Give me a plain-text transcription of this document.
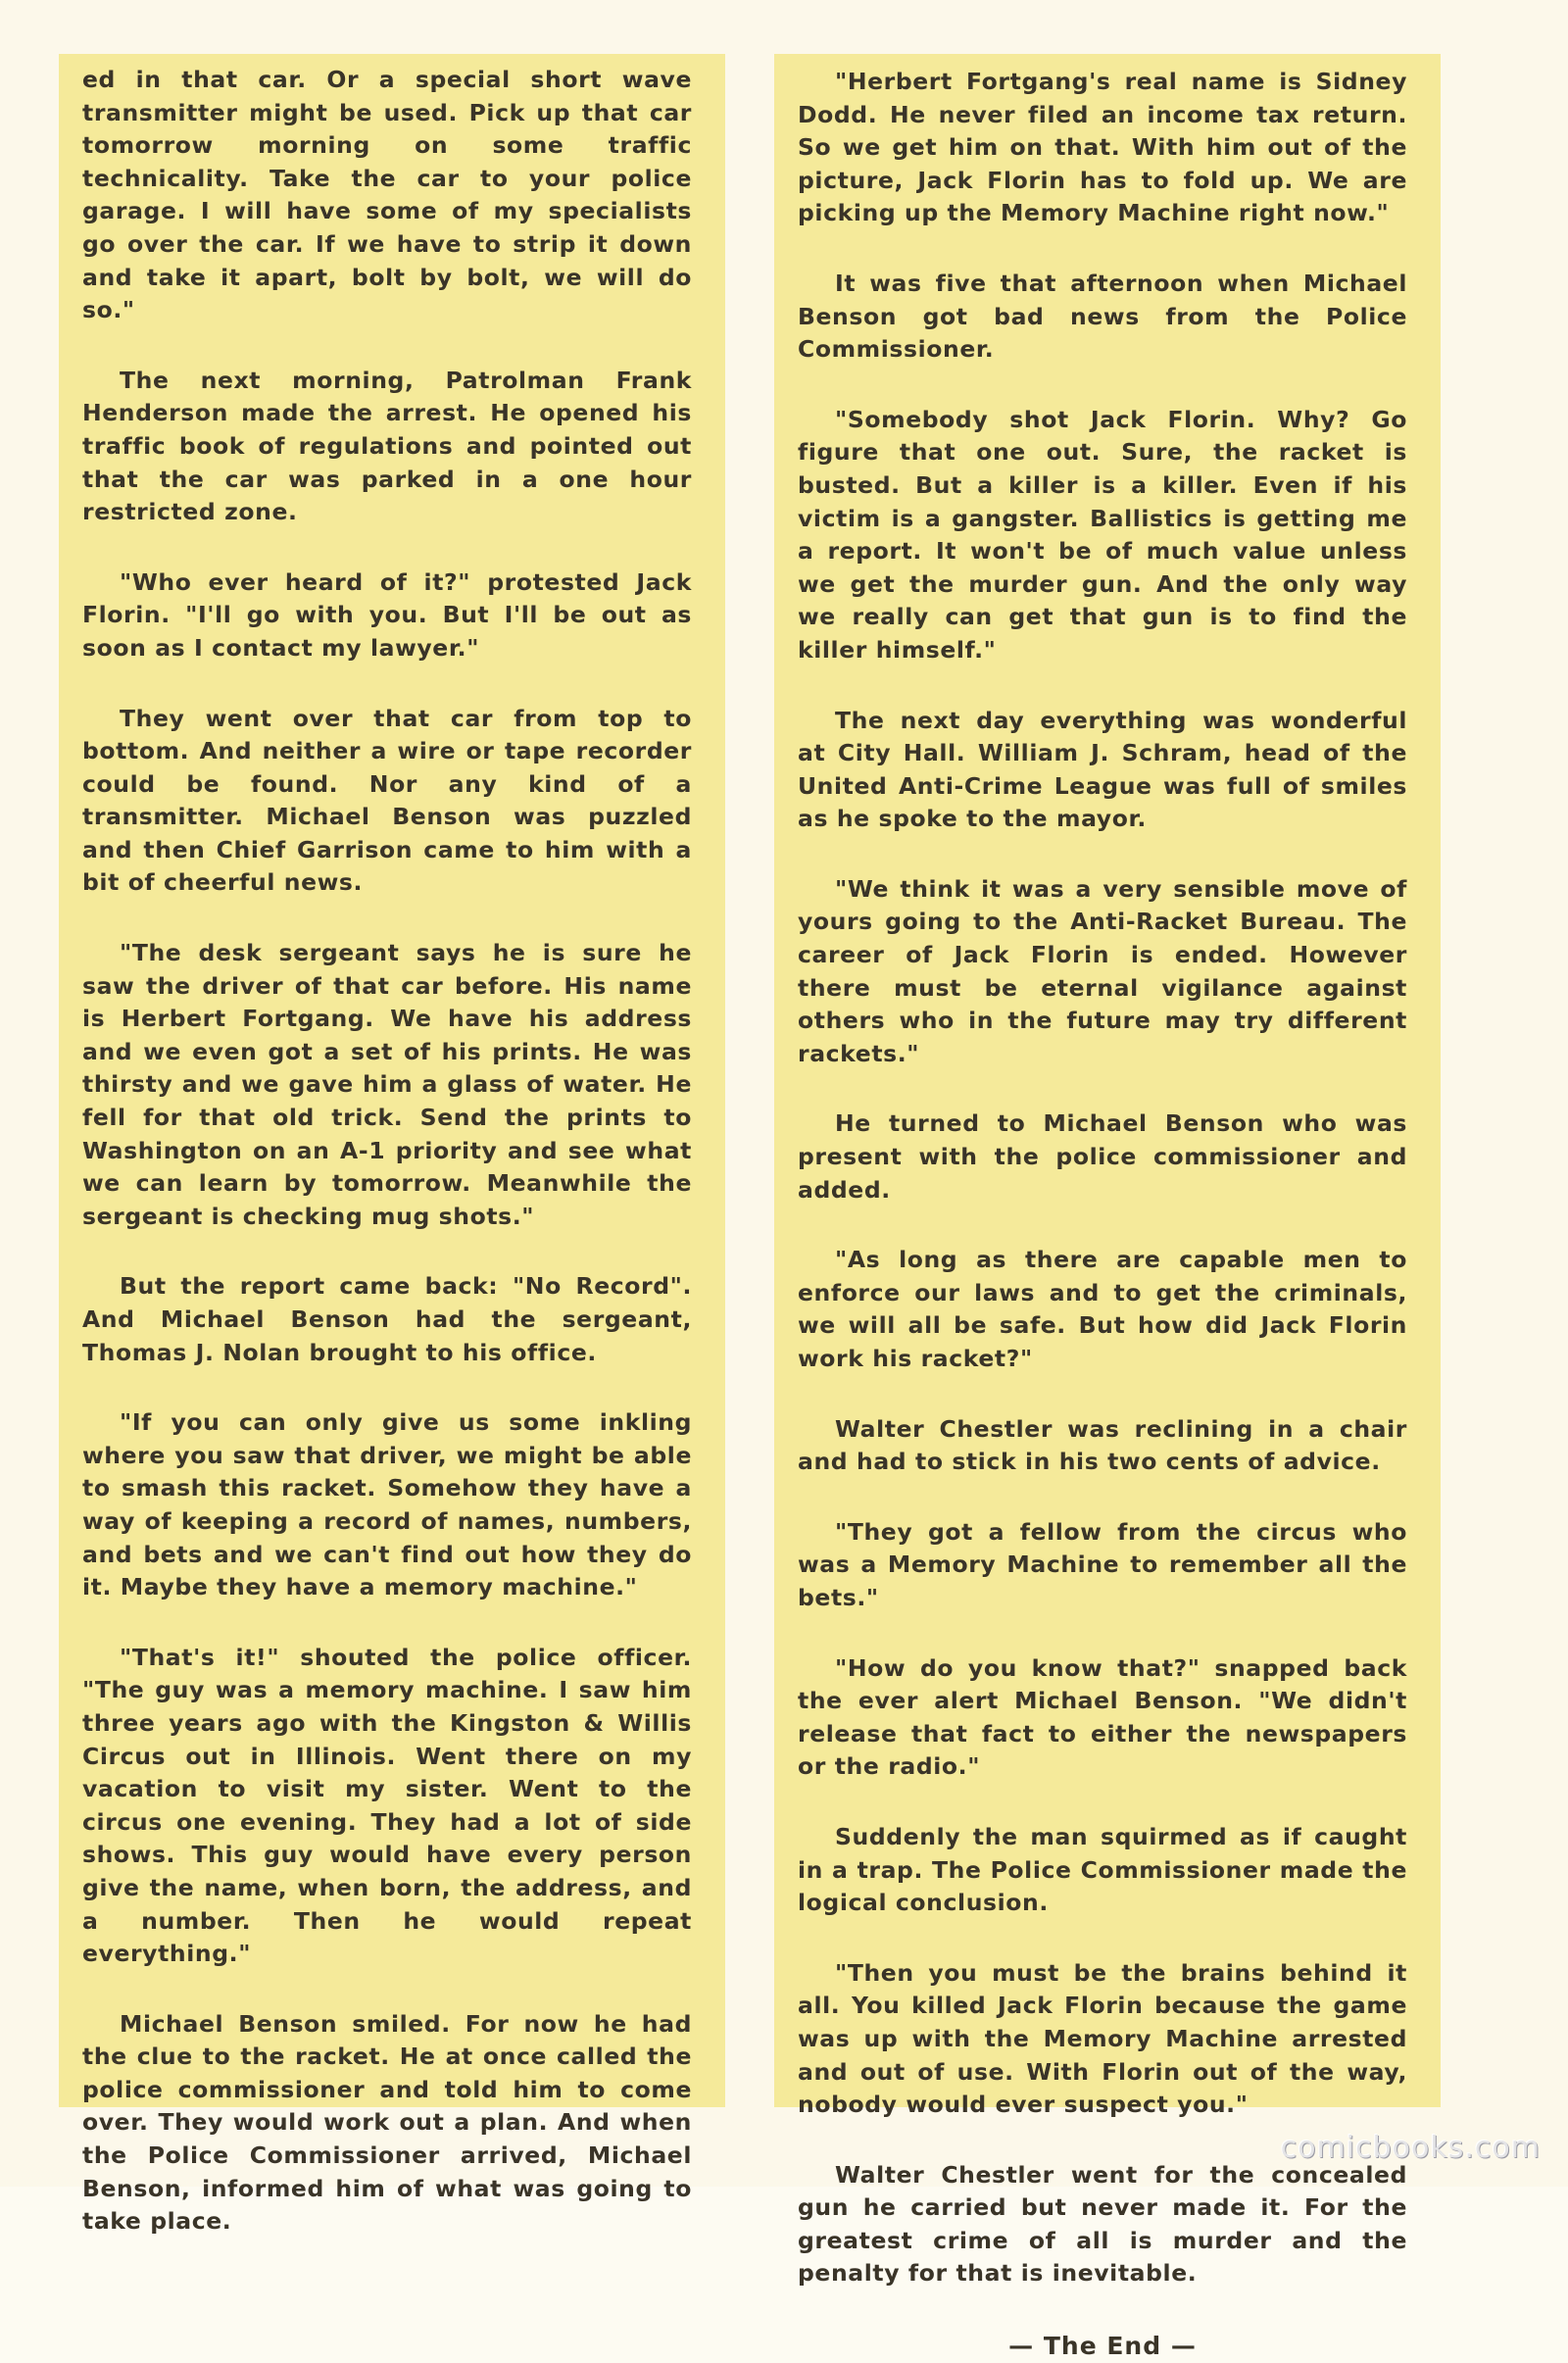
ed in that car. Or a special short wave transmitter might be used. Pick up that car tomorrow morning on some traffic technicality. Take the car to your police garage. I will have some of my specialists go over the car. If we have to strip it down and take it apart, bolt by bolt, we will do so."

The next morning, Patrolman Frank Henderson made the arrest. He opened his traffic book of regulations and pointed out that the car was parked in a one hour restricted zone.

"Who ever heard of it?" protested Jack Florin. "I'll go with you. But I'll be out as soon as I contact my lawyer."

They went over that car from top to bottom. And neither a wire or tape recorder could be found. Nor any kind of a transmitter. Michael Benson was puzzled and then Chief Garrison came to him with a bit of cheerful news.

"The desk sergeant says he is sure he saw the driver of that car before. His name is Herbert Fortgang. We have his address and we even got a set of his prints. He was thirsty and we gave him a glass of water. He fell for that old trick. Send the prints to Washington on an A-1 priority and see what we can learn by tomorrow. Meanwhile the sergeant is checking mug shots."

But the report came back: "No Record". And Michael Benson had the sergeant, Thomas J. Nolan brought to his office.

"If you can only give us some inkling where you saw that driver, we might be able to smash this racket. Somehow they have a way of keeping a record of names, numbers, and bets and we can't find out how they do it. Maybe they have a memory machine."

"That's it!" shouted the police officer. "The guy was a memory machine. I saw him three years ago with the Kingston & Willis Circus out in Illinois. Went there on my vacation to visit my sister. Went to the circus one evening. They had a lot of side shows. This guy would have every person give the name, when born, the address, and a number. Then he would repeat everything."

Michael Benson smiled. For now he had the clue to the racket. He at once called the police commissioner and told him to come over. They would work out a plan. And when the Police Commissioner arrived, Michael Benson, informed him of what was going to take place.

"Herbert Fortgang's real name is Sidney Dodd. He never filed an income tax return. So we get him on that. With him out of the picture, Jack Florin has to fold up. We are picking up the Memory Machine right now."

It was five that afternoon when Michael Benson got bad news from the Police Commissioner.

"Somebody shot Jack Florin. Why? Go figure that one out. Sure, the racket is busted. But a killer is a killer. Even if his victim is a gangster. Ballistics is getting me a report. It won't be of much value unless we get the murder gun. And the only way we really can get that gun is to find the killer himself."

The next day everything was wonderful at City Hall. William J. Schram, head of the United Anti-Crime League was full of smiles as he spoke to the mayor.

"We think it was a very sensible move of yours going to the Anti-Racket Bureau. The career of Jack Florin is ended. However there must be eternal vigilance against others who in the future may try different rackets."

He turned to Michael Benson who was present with the police commissioner and added.

"As long as there are capable men to enforce our laws and to get the criminals, we will all be safe. But how did Jack Florin work his racket?"

Walter Chestler was reclining in a chair and had to stick in his two cents of advice.

"They got a fellow from the circus who was a Memory Machine to remember all the bets."

"How do you know that?" snapped back the ever alert Michael Benson. "We didn't release that fact to either the newspapers or the radio."

Suddenly the man squirmed as if caught in a trap. The Police Commissioner made the logical conclusion.

"Then you must be the brains behind it all. You killed Jack Florin because the game was up with the Memory Machine arrested and out of use. With Florin out of the way, nobody would ever suspect you."

Walter Chestler went for the concealed gun he carried but never made it. For the greatest crime of all is murder and the penalty for that is inevitable.

— The End —
comicbooks.com
